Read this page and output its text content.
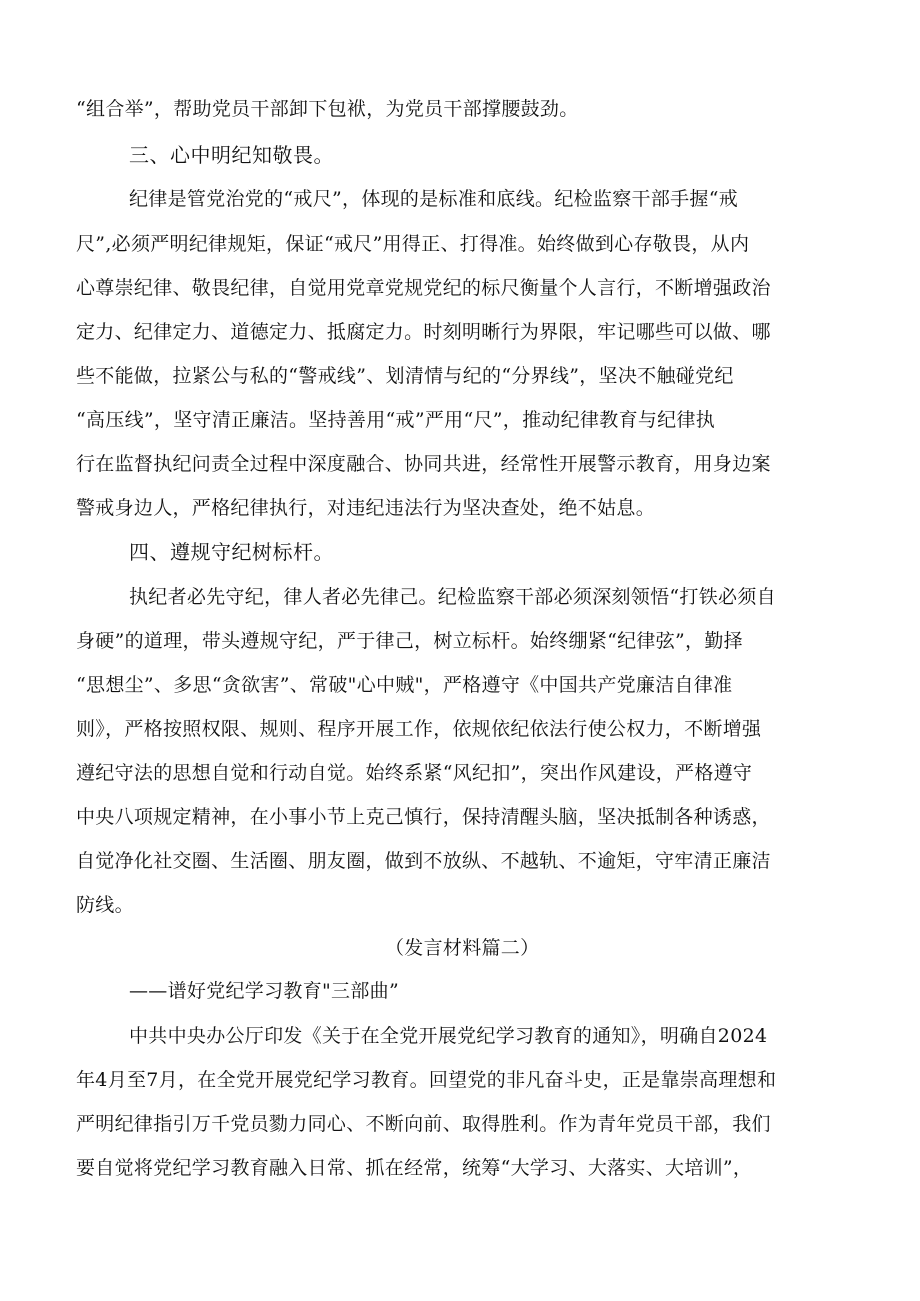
“组合举”，帮助党员干部卸下包袱，为党员干部撑腰鼓劲。
三、心中明纪知敬畏。
纪律是管党治党的“戒尺”，体现的是标准和底线。纪检监察干部手握“戒
尺”,必须严明纪律规矩，保证“戒尺”用得正、打得准。始终做到心存敬畏，从内
心尊崇纪律、敬畏纪律，自觉用党章党规党纪的标尺衡量个人言行，不断增强政治
定力、纪律定力、道德定力、抵腐定力。时刻明晰行为界限，牢记哪些可以做、哪
些不能做，拉紧公与私的“警戒线”、划清情与纪的“分界线”，坚决不触碰党纪
“高压线”，坚守清正廉洁。坚持善用“戒”严用“尺”，推动纪律教育与纪律执
行在监督执纪问责全过程中深度融合、协同共进，经常性开展警示教育，用身边案
警戒身边人，严格纪律执行，对违纪违法行为坚决查处，绝不姑息。
四、遵规守纪树标杆。
执纪者必先守纪，律人者必先律己。纪检监察干部必须深刻领悟“打铁必须自
身硬”的道理，带头遵规守纪，严于律己，树立标杆。始终绷紧“纪律弦”，勤择
“思想尘”、多思“贪欲害”、常破"心中贼"，严格遵守《中国共产党廉洁自律准
则》，严格按照权限、规则、程序开展工作，依规依纪依法行使公权力，不断增强
遵纪守法的思想自觉和行动自觉。始终系紧“风纪扣”，突出作风建设，严格遵守
中央八项规定精神，在小事小节上克己慎行，保持清醒头脑，坚决抵制各种诱惑，
自觉净化社交圈、生活圈、朋友圈，做到不放纵、不越轨、不逾矩，守牢清正廉洁
防线。
（发言材料篇二）
——谱好党纪学习教育"三部曲”
中共中央办公厅印发《关于在全党开展党纪学习教育的通知》，明确自2024
年4月至7月，在全党开展党纪学习教育。回望党的非凡奋斗史，正是靠崇高理想和
严明纪律指引万千党员勠力同心、不断向前、取得胜利。作为青年党员干部，我们
要自觉将党纪学习教育融入日常、抓在经常，统筹“大学习、大落实、大培训”，
